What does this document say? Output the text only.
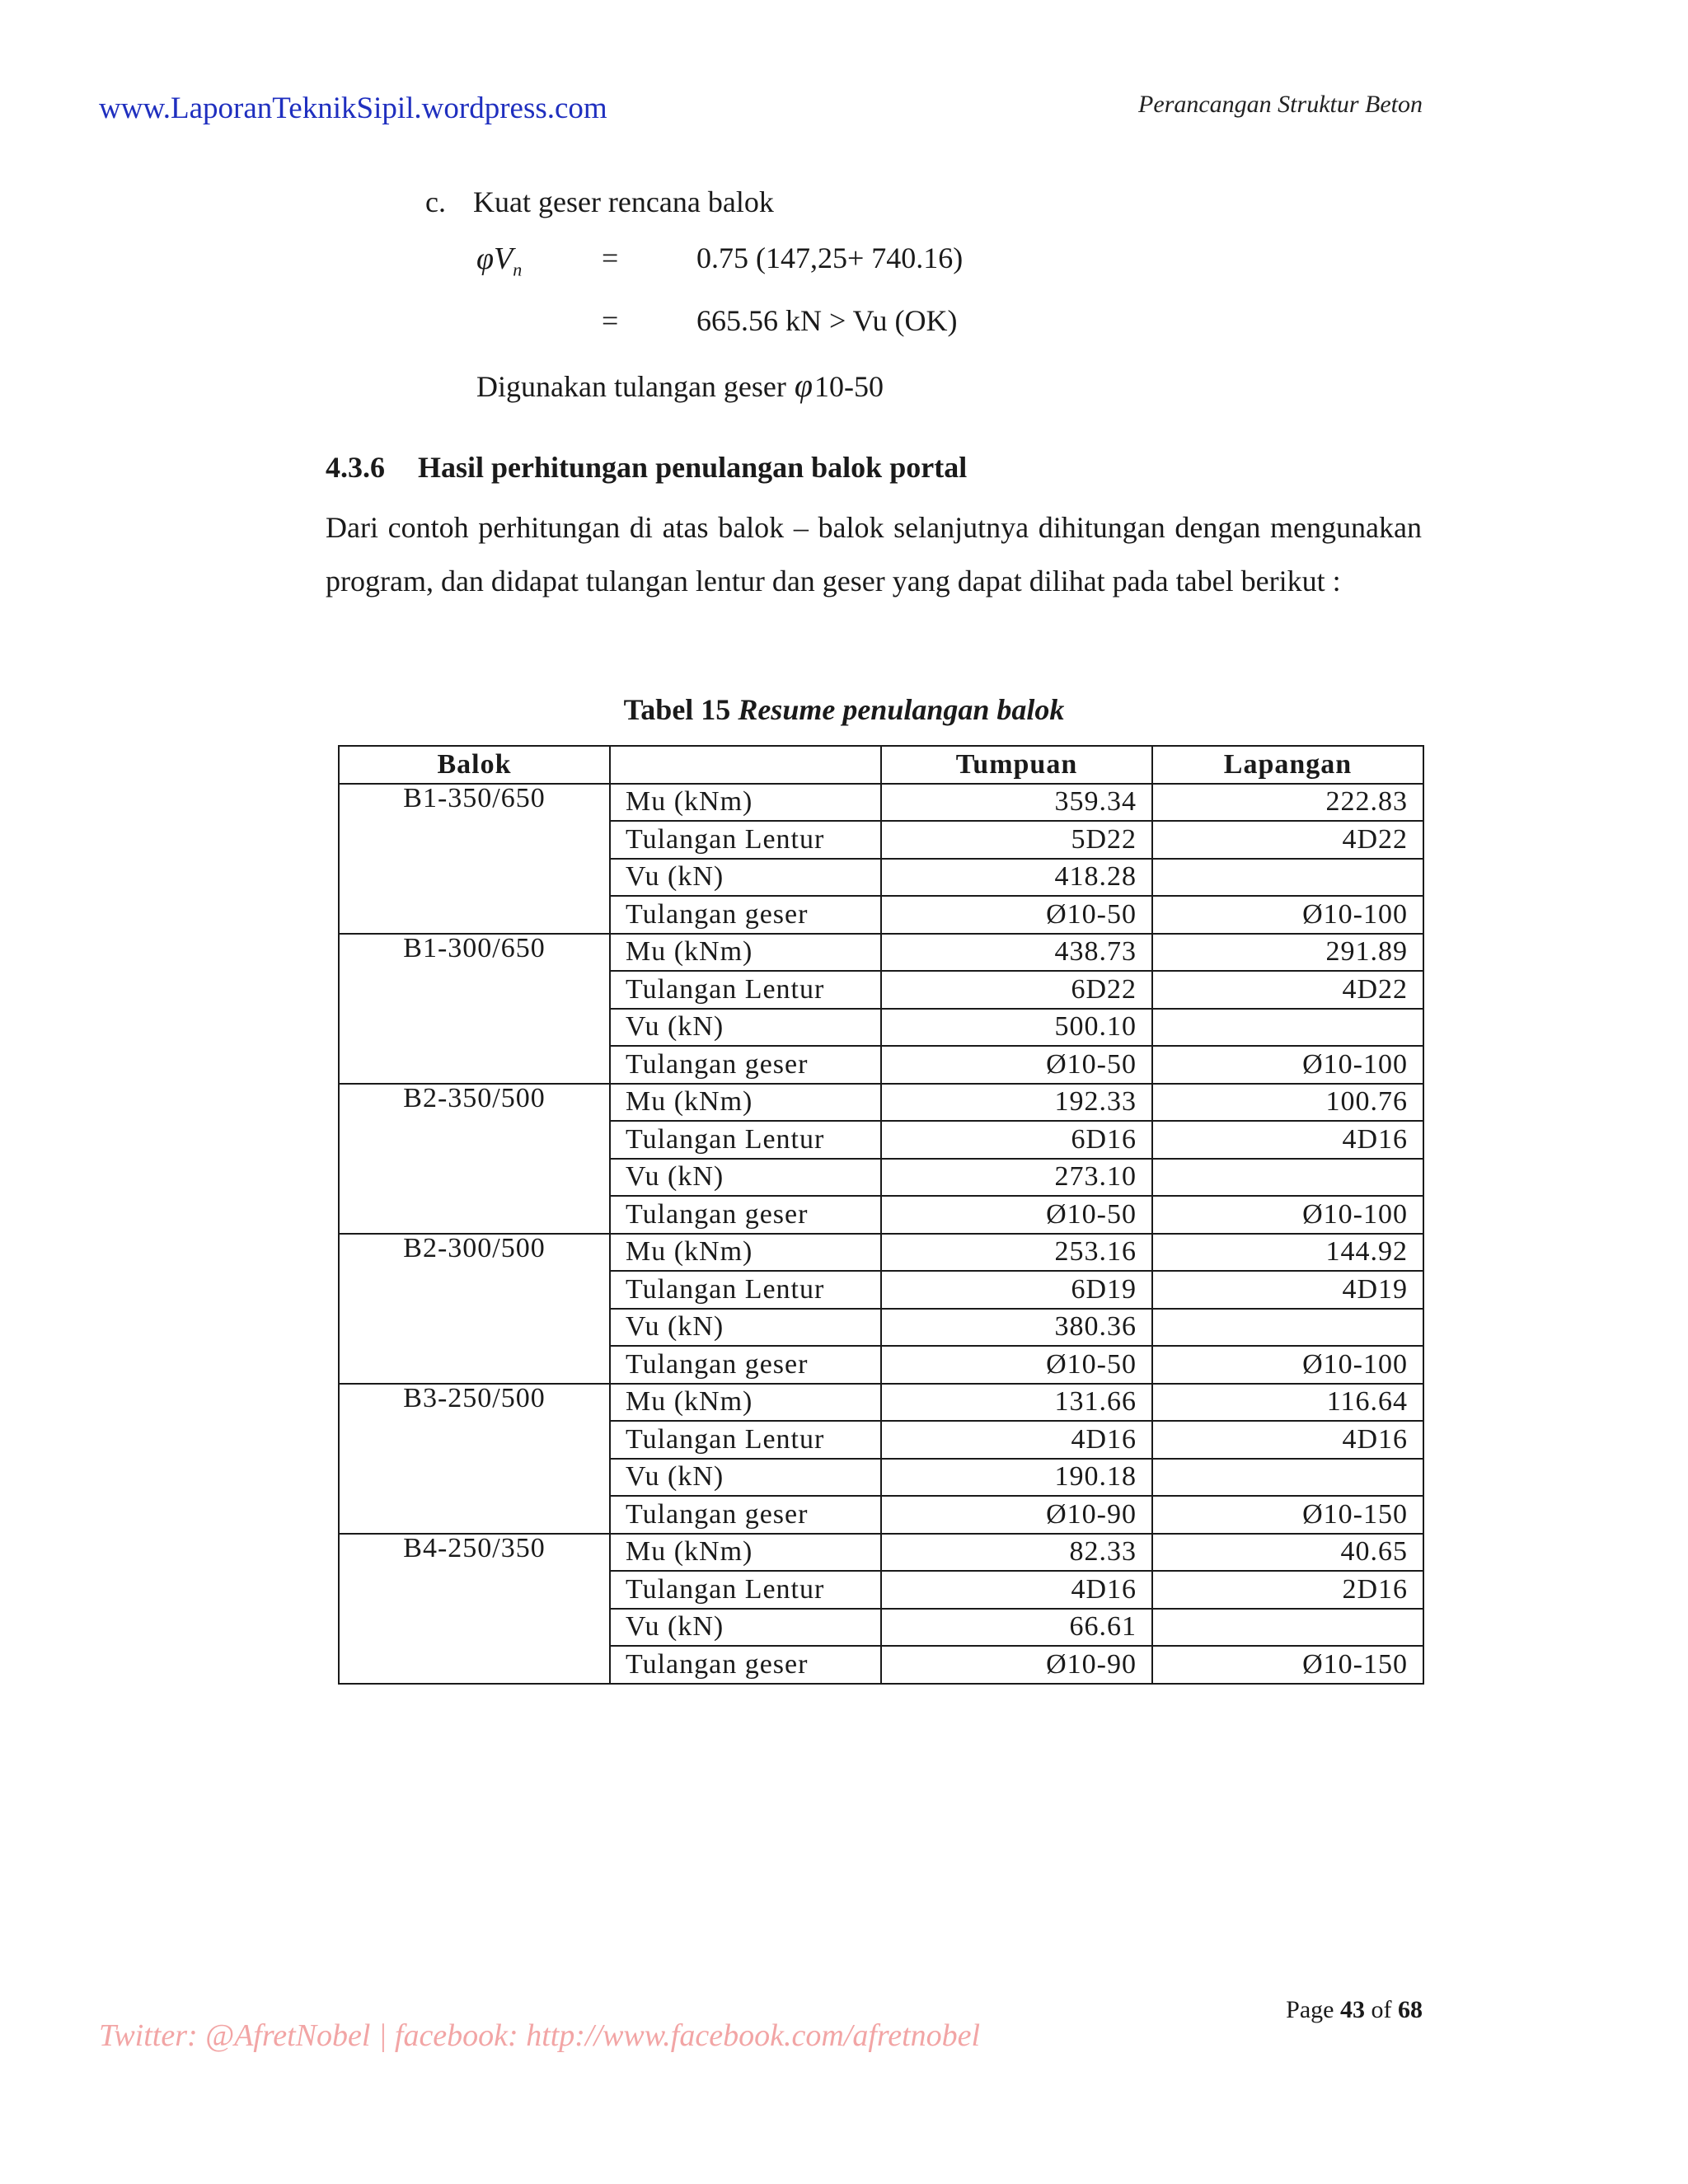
www.LaporanTeknikSipil.wordpress.com	Perancangan Struktur Beton
c. Kuat geser rencana balok
$\varphi V_n$	=	0.75 (147,25+ 740.16)
=	665.56 kN > Vu (OK)
Digunakan tulangan geser φ10-50
4.3.6 Hasil perhitungan penulangan balok portal
Dari contoh perhitungan di atas balok – balok selanjutnya dihitungan dengan mengunakan program, dan didapat tulangan lentur dan geser yang dapat dilihat pada tabel berikut :
Tabel 15 Resume penulangan balok
Balok		Tumpuan	Lapangan
B1-350/650	Mu (kNm)	359.34	222.83
	Tulangan Lentur	5D22	4D22
	Vu (kN)	418.28	
	Tulangan geser	Ø10-50	Ø10-100
B1-300/650	Mu (kNm)	438.73	291.89
	Tulangan Lentur	6D22	4D22
	Vu (kN)	500.10	
	Tulangan geser	Ø10-50	Ø10-100
B2-350/500	Mu (kNm)	192.33	100.76
	Tulangan Lentur	6D16	4D16
	Vu (kN)	273.10	
	Tulangan geser	Ø10-50	Ø10-100
B2-300/500	Mu (kNm)	253.16	144.92
	Tulangan Lentur	6D19	4D19
	Vu (kN)	380.36	
	Tulangan geser	Ø10-50	Ø10-100
B3-250/500	Mu (kNm)	131.66	116.64
	Tulangan Lentur	4D16	4D16
	Vu (kN)	190.18	
	Tulangan geser	Ø10-90	Ø10-150
B4-250/350	Mu (kNm)	82.33	40.65
	Tulangan Lentur	4D16	2D16
	Vu (kN)	66.61	
	Tulangan geser	Ø10-90	Ø10-150
Page 43 of 68
Twitter: @AfretNobel | facebook: http://www.facebook.com/afretnobel
